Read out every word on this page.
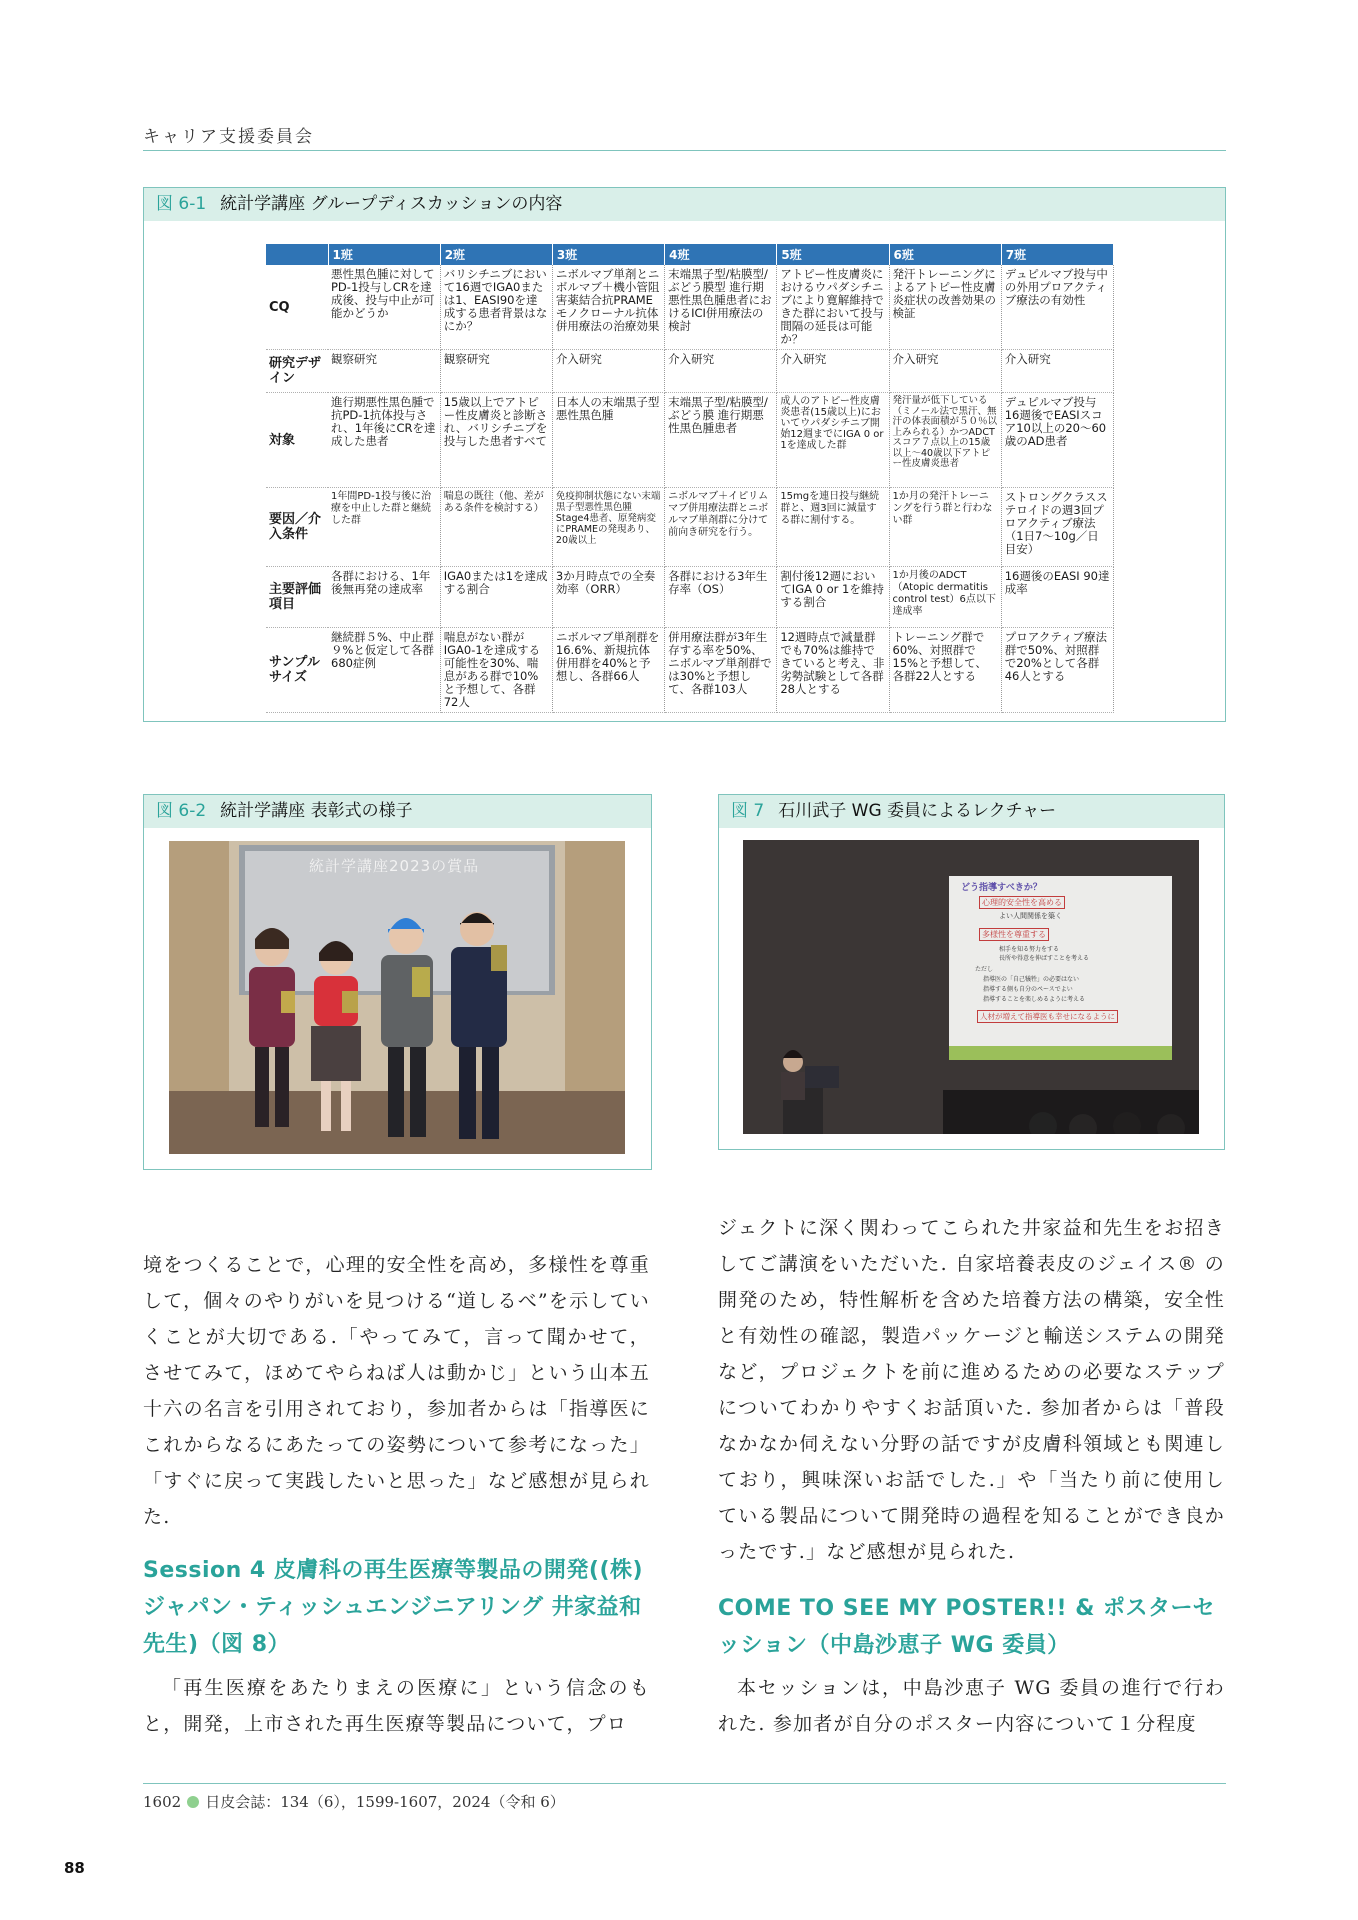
キャリア支援委員会
図 6-1 統計学講座 グループディスカッションの内容
	1班	2班	3班	4班	5班	6班	7班
CQ	悪性黒色腫に対してPD-1投与しCRを達成後、投与中止が可能かどうか	バリシチニブにおいて16週でIGA0または1、EASI90を達成する患者背景はなにか？	ニボルマブ単剤とニボルマブ＋機小管阻害薬結合抗PRAMEモノクローナル抗体併用療法の治療効果	末端黒子型/粘膜型/ぶどう膜型 進行期悪性黒色腫患者におけるICI併用療法の検討	アトピー性皮膚炎におけるウパダシチニブにより寛解維持できた群において投与間隔の延長は可能か？	発汗トレーニングによるアトピー性皮膚炎症状の改善効果の検証	デュピルマブ投与中の外用プロアクティブ療法の有効性
研究デザイン	観察研究	観察研究	介入研究	介入研究	介入研究	介入研究	介入研究
対象	進行期悪性黒色腫で抗PD-1抗体投与され、1年後にCRを達成した患者	15歳以上でアトピー性皮膚炎と診断され、バリシチニブを投与した患者すべて	日本人の末端黒子型悪性黒色腫	末端黒子型/粘膜型/ぶどう膜 進行期悪性黒色腫患者	成人のアトピー性皮膚炎患者(15歳以上)においてウパダシチニブ開始12週までにIGA 0 or 1を達成した群	発汗量が低下している（ミノール法で黒汗、無汗の体表面積が５０％以上みられる）かつADCTスコア７点以上の15歳以上～40歳以下アトピー性皮膚炎患者	デュピルマブ投与16週後でEASIスコア10以上の20～60歳のAD患者
要因／介入条件	1年間PD-1投与後に治療を中止した群と継続した群	喘息の既往（他、差がある条件を検討する）	免疫抑制状態にない末端黒子型悪性黒色腫Stage4患者、原発病変にPRAMEの発現あり、20歳以上	ニボルマブ＋イピリムマブ併用療法群とニボルマブ単剤群に分けて前向き研究を行う。	15mgを連日投与継続群と、週3回に減量する群に割付する。	1か月の発汗トレーニングを行う群と行わない群	ストロングクラスステロイドの週3回プロアクティブ療法（1日7～10g／日目安）
主要評価項目	各群における、1年後無再発の達成率	IGA0または1を達成する割合	3か月時点での全奏効率（ORR）	各群における3年生存率（OS）	割付後12週においてIGA 0 or 1を維持する割合	1か月後のADCT（Atopic dermatitis control test）6点以下達成率	16週後のEASI 90達成率
サンプルサイズ	継続群５%、中止群９%と仮定して各群680症例	喘息がない群がIGA0-1を達成する可能性を30%、喘息がある群で10%と予想して、各群72人	ニボルマブ単剤群を16.6%、新規抗体併用群を40%と予想し、各群66人	併用療法群が3年生存する率を50%、ニボルマブ単剤群では30%と予想して、各群103人	12週時点で減量群でも70%は維持できていると考え、非劣勢試験として各群28人とする	トレーニング群で60%、対照群で15%と予想して、各群22人とする	プロアクティブ療法群で50%、対照群で20%として各群46人とする
図 6-2 統計学講座 表彰式の様子
統計学講座2023の賞品
図 7 石川武子 WG 委員によるレクチャー
どう指導すべきか？
心理的安全性を高める
よい人間関係を築く
多様性を尊重する
相手を知る努力をする
長所や得意を伸ばすことを考える
ただし
指導医の「自己犠牲」の必要はない
指導する側も自分のペースでよい
指導することを楽しめるように考える
人材が増えて指導医も幸せになるように

境をつくることで，心理的安全性を高め，多様性を尊重して，個々のやりがいを見つける“道しるべ”を示していくことが大切である.「やってみて，言って聞かせて，させてみて，ほめてやらねば人は動かじ」という山本五十六の名言を引用されており，参加者からは「指導医にこれからなるにあたっての姿勢について参考になった」「すぐに戻って実践したいと思った」など感想が見られた.

Session 4 皮膚科の再生医療等製品の開発((株)ジャパン・ティッシュエンジニアリング 井家益和先生)（図 8）

「再生医療をあたりまえの医療に」という信念のもと，開発，上市された再生医療等製品について，プロ

ジェクトに深く関わってこられた井家益和先生をお招きしてご講演をいただいた. 自家培養表皮のジェイス® の開発のため，特性解析を含めた培養方法の構築，安全性と有効性の確認，製造パッケージと輸送システムの開発など，プロジェクトを前に進めるための必要なステップについてわかりやすくお話頂いた. 参加者からは「普段なかなか伺えない分野の話ですが皮膚科領域とも関連しており，興味深いお話でした.」や「当たり前に使用している製品について開発時の過程を知ることができ良かったです.」など感想が見られた.

COME TO SEE MY POSTER!! & ポスターセッション（中島沙恵子 WG 委員）

本セッションは，中島沙恵子 WG 委員の進行で行われた. 参加者が自分のポスター内容について１分程度

1602 日皮会誌：134（6），1599-1607，2024（令和 6）
88
